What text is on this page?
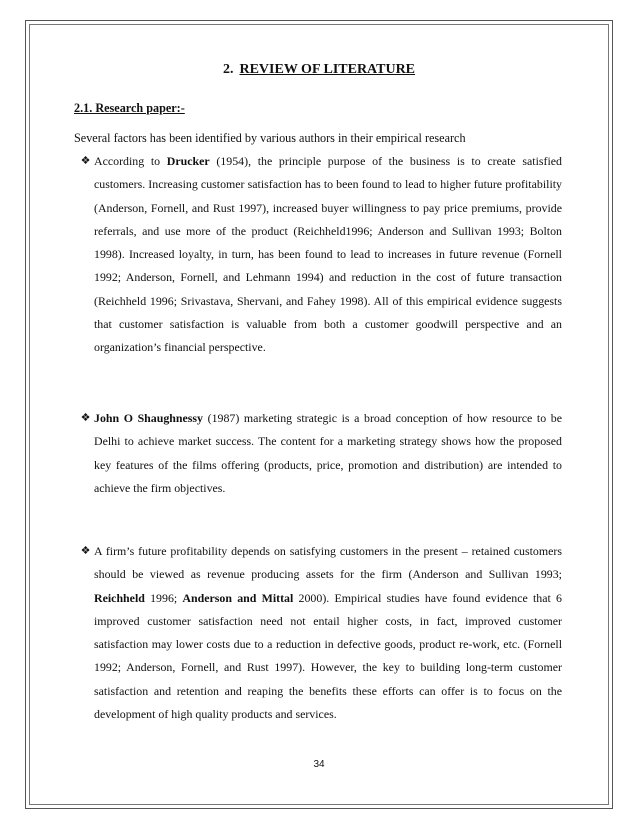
2. REVIEW OF LITERATURE
2.1. Research paper:-
Several factors has been identified by various authors in their empirical research
❖ According to Drucker (1954), the principle purpose of the business is to create satisfied customers. Increasing customer satisfaction has to been found to lead to higher future profitability (Anderson, Fornell, and Rust 1997), increased buyer willingness to pay price premiums, provide referrals, and use more of the product (Reichheld1996; Anderson and Sullivan 1993; Bolton 1998). Increased loyalty, in turn, has been found to lead to increases in future revenue (Fornell 1992; Anderson, Fornell, and Lehmann 1994) and reduction in the cost of future transaction (Reichheld 1996; Srivastava, Shervani, and Fahey 1998). All of this empirical evidence suggests that customer satisfaction is valuable from both a customer goodwill perspective and an organization’s financial perspective.

❖ John O Shaughnessy (1987) marketing strategic is a broad conception of how resource to be Delhi to achieve market success. The content for a marketing strategy shows how the proposed key features of the films offering (products, price, promotion and distribution) are intended to achieve the firm objectives.

❖ A firm’s future profitability depends on satisfying customers in the present – retained customers should be viewed as revenue producing assets for the firm (Anderson and Sullivan 1993; Reichheld 1996; Anderson and Mittal 2000). Empirical studies have found evidence that 6 improved customer satisfaction need not entail higher costs, in fact, improved customer satisfaction may lower costs due to a reduction in defective goods, product re-work, etc. (Fornell 1992; Anderson, Fornell, and Rust 1997). However, the key to building long-term customer satisfaction and retention and reaping the benefits these efforts can offer is to focus on the development of high quality products and services.

34
